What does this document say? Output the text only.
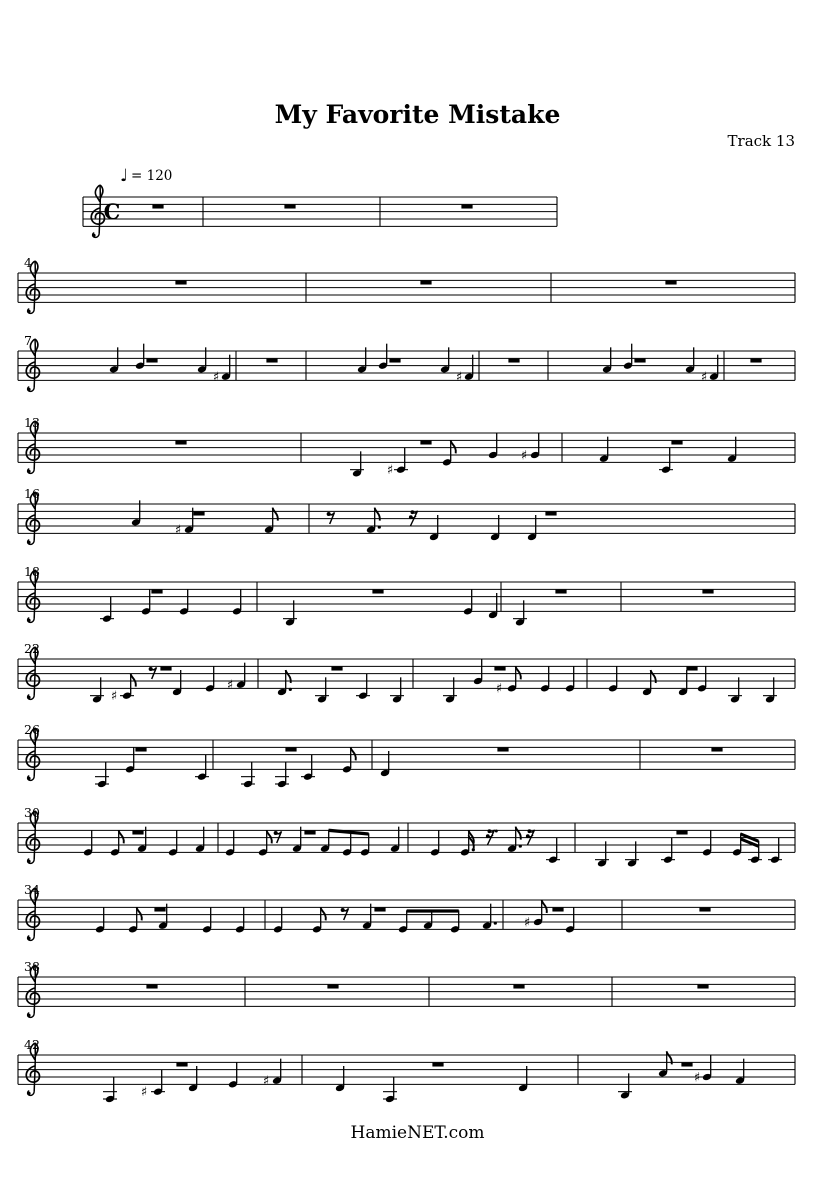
My Favorite Mistake
Track 13
♩ = 120
C
4
7
♯	♯	♯
13
♯
♯
16
♯
18
22
♯
♯	♯
26
30
34
♯
38
42
♯
♯	♯
HamieNET.com
